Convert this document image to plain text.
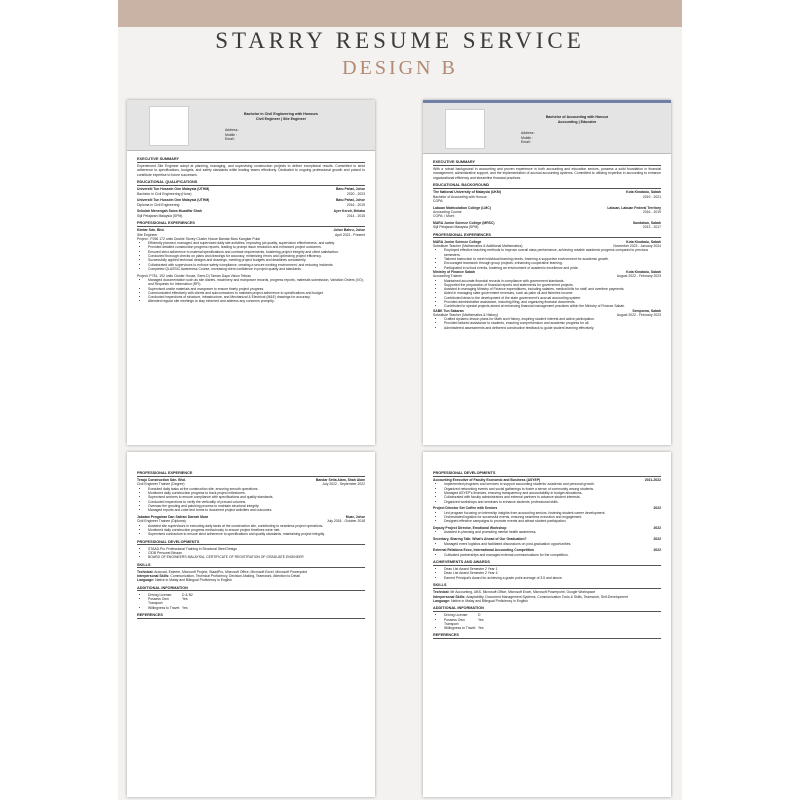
STARRY RESUME SERVICE
DESIGN B
Bachelor in Civil Engineering with Honours
Civil Engineer | Site Engineer
Address :
Mobile :
Email :
EXECUTIVE SUMMARY
Experienced Site Engineer adept at planning, managing, and supervising construction projects to deliver exceptional results. Committed to strict adherence to specifications, budgets, and safety standards while leading teams effectively. Dedicated to ongoing professional growth and poised to contribute expertise to future successes.
EDUCATIONAL QUALIFICATIONS
Universiti Tun Hussein Onn Malaysia (UTHM)	Batu Pahat, Johor
Bachelor in Civil Engineering (Hons)	2020 - 2023
Universiti Tun Hussein Onn Malaysia (UTHM)	Batu Pahat, Johor
Diploma in Civil Engineering	2016 - 2019
Sekolah Menengah Sains Muzaffar Shah	Ayer Keroh, Melaka
Sijil Pelajaran Malaysia (SPM)	2014 - 2015
PROFESSIONAL EXPERIENCES
Kimtar Sdn. Bhd.	Johor Bahru, Johor
Site Engineer	April 2023 - Present
Project : P256 172 units Double Storey Cluster House Bandar Baru Kangkar Pulai
• Efficiently planned, managed, and supervised daily site activities, improving job quality, supervision effectiveness, and safety.
• Provided detailed construction progress reports, leading to prompt issue resolution and enhanced project outcomes.
• Ensured strict adherence to material specifications and contract requirements, bolstering project integrity and client satisfaction.
• Conducted thorough checks on plans and drawings for accuracy, minimizing errors and optimizing project efficiency.
• Successfully applied technical designs and drawings, meeting project budgets and deadlines consistently.
• Collaborated with supervisors to enforce safety compliance, creating a secure working environment, and reducing incidents.
• Completed QLASSIC Awareness Course, increasing client confidence in project quality and standards.
Project: P781, 192 units Cluster House, Semi-D) Taman Daya Vision Tebrau
• Managed documentation such as site diaries, machinery and manpower records, progress reports, materials submission, Variation Orders (VO), and Requests for Information (RFI).
• Supervised onsite materials and manpower to ensure timely project progress.
• Communicated effectively with clients and subcontractors to maintain project adherence to specifications and budget.
• Conducted inspections of structure, infrastructure, and Mechanical & Electrical (M&E) drawings for accuracy.
• Attended regular site meetings to stay informed and address any concerns promptly.
Bachelor of Accounting with Honour
Accounting | Educator
Address :
Mobile :
Email :
EXECUTIVE SUMMARY
With a robust background in accounting and proven experience in both accounting and education sectors, possess a solid foundation in financial management, administrative support, and the implementation of accrual accounting systems. Committed to utilizing expertise in accounting to enhance organizational efficiency and streamline financial practices.
EDUCATIONAL BACKGROUND
The National University of Malaysia (UKM)	Kota Kinabalu, Sabah
Bachelor of Accounting with Honour	2019 - 2021
CGPA:
Labuan Matriculation College (LMC)	Labuan, Labuan Federal Territory
Accounting Course	2016 - 2019
CGPA: / Muet:
MARA Junior Science College (MRSC)	Sandakan, Sabah
Sijil Pelajaran Malaysia (SPM)	2013 - 2017
PROFESSIONAL EXPERIENCES
MARA Junior Science College	Kota Kinabalu, Sabah
Substitute Teacher (Mathematics & Additional Mathematics)	November 2023 - January 2024
• Employed effective teaching methods to improve overall class performance, achieving notable academic progress compared to previous semesters.
• Tailored instruction to meet individual learning needs, fostering a supportive environment for academic growth.
• Encouraged teamwork through group projects, enhancing cooperative learning.
• Participated in school events, fostering an environment of academic excellence and pride.
Ministry of Finance Sabah	Kota Kinabalu, Sabah
Accounting Trainee	August 2022 - February 2023
• Maintained accurate financial records in compliance with government standards.
• Supported the preparation of financial reports and statements for government projects.
• Assisted in managing Ministry of Finance expenditures, including salaries, medical bills for staff, and overtime payments.
• Aided in managing state government revenues, such as palm oil and fisheries income.
• Contributed ideas to the development of the state government's accrual accounting system.
• Provided administrative assistance, including filing, and organizing financial documents.
• Contributed to special projects aimed at enhancing financial management practices within the Ministry of Finance Sabah.
SABK Tun Sakaran	Semporna, Sabah
Substitute Teacher (Mathematics & History)	August 2022 - February 2023
• Crafted dynamic lesson plans for Math and History, inspiring student interest and active participation.
• Provided tailored assistance to students, ensuring comprehension and academic progress for all.
• Administered assessments and delivered constructive feedback to guide student learning effectively.
PROFESSIONAL EXPERIENCE
Teraju Construction Sdn. Bhd.	Bandar Setia Alam, Shah Alam
Civil Engineer Trainee (Degree)	July 2022 - September 2022
• Executed daily tasks at the construction site, ensuring smooth operations.
• Monitored daily construction progress to track project milestones.
• Supervised workers to ensure compliance with specifications and quality standards.
• Conducted inspections to verify the verticality of precast columns.
• Oversaw the grouting and patching process to maintain structural integrity.
• Managed reports and cube test forms to document project activities and outcomes.
Jabatan Pengairan Dan Saliran Daerah Muar	Muar, Johor
Civil Engineer Trainee (Diploma)	July 2018 - October 2018
• Assisted site supervisors in executing daily tasks at the construction site, contributing to seamless project operations.
• Monitored daily construction progress meticulously to ensure project timelines were met.
• Supervised contractors to ensure strict adherence to specifications and quality standards, maintaining project integrity.
PROFESSIONAL DEVELOPMENTS
• STAAD.Pro Professional Training in Structural Steel Design
• CIDB Personel Binaan
• BOARD OF ENGINEERS MALAYSIA, CERTIFICATE OF REGISTRATION OF GRADUATE ENGINEER
SKILLS
Technical: Autocad, Esteem, Microsoft Project, StaadPro, Microsoft Office, Microsoft Excel, Microsoft Powerpoint
Interpersonal Skills: Communication, Technical Proficiency, Decision-Making, Teamwork, Attention to Detail
Language: Native in Malay and Bilingual Proficiency in English
ADDITIONAL INFORMATION
• Driving License:	D & B2
• Possess Own Transport:
Yes
• Willingness to Travel: Yes
REFERENCES
PROFESSIONAL DEVELOPMENTS
Accounting Executive of Faculty Economic and Business (ASYEP)	2021-2022
• Implemented programs and services to support accounting students' academic and personal growth.
• Organized networking events and social gatherings to foster a sense of community among students.
• Managed ASYEP's finances, ensuring transparency and accountability in budget allocations.
• Collaborated with faculty administrators and external partners to advance student interests.
• Organized workshops and seminars to enhance students' professional skills.
Project Director Set Coffee with Seniors	2022
• Led program focusing on internship insights from accounting seniors, fostering student career development.
• Orchestrated logistics for successful events, ensuring seamless execution and engagement.
• Designed effective campaigns to promote events and attract student participation.
Deputy Project Director, Emotional Workshop	2022
• Assisted in planning and promoting mental health awareness.
Secretary, Sharing Talk: What's Ahead of Our Graduation?	2022
• Managed event logistics and facilitated discussions on post-graduation opportunities.
External Relations Exco, International Accounting Competition	2022
• Cultivated partnerships and managed external communications for the competition.
ACHIEVEMENTS AND AWARDS
• Dean List Award Semester 2 Year 1
• Dean List Award Semester 2 Year 4
• Earned Principal's Award for achieving a grade point average of 3.5 and above.
SKILLS
Technical: Mr Accounting, UBS, Microsoft Office, Microsoft Excel, Microsoft Powerpoint, Google Workspace
Interpersonal Skills: Adaptability, Document Management Systems, Communication Tools & Skills, Teamwork, Self-Development
Language: Native in Malay and Bilingual Proficiency in English
ADDITIONAL INFORMATION
• Driving License:	D
• Possess Own Transport:
Yes
• Willingness to Travel: Yes
REFERENCES
